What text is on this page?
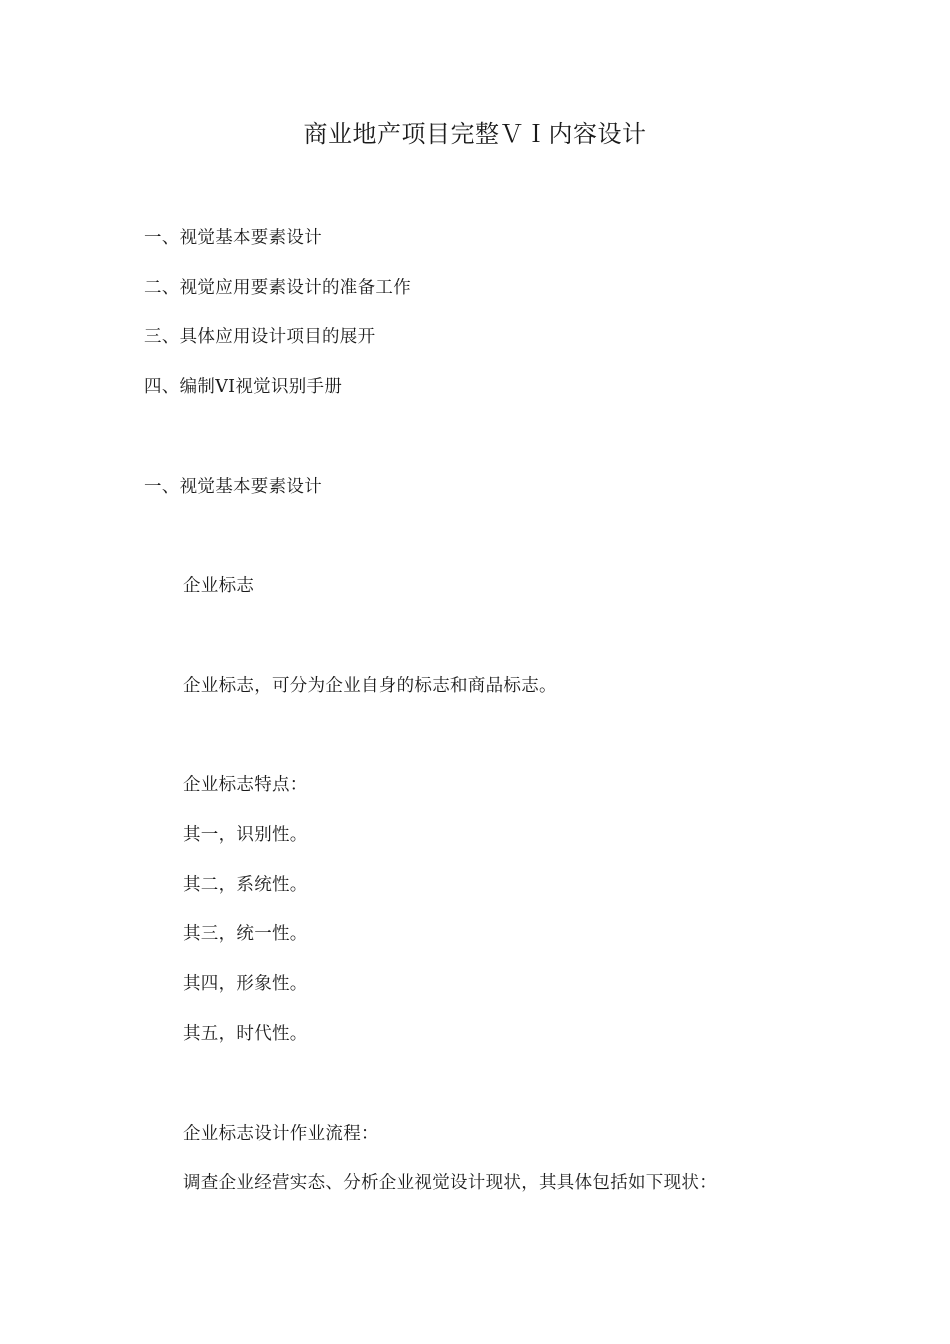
商业地产项目完整ＶＩ内容设计
一、视觉基本要素设计
二、视觉应用要素设计的准备工作
三、具体应用设计项目的展开
四、编制VI视觉识别手册
一、视觉基本要素设计
企业标志
企业标志，可分为企业自身的标志和商品标志。
企业标志特点：
其一，识别性。
其二，系统性。
其三，统一性。
其四，形象性。
其五，时代性。
企业标志设计作业流程：
调查企业经营实态、分析企业视觉设计现状，其具体包括如下现状：
